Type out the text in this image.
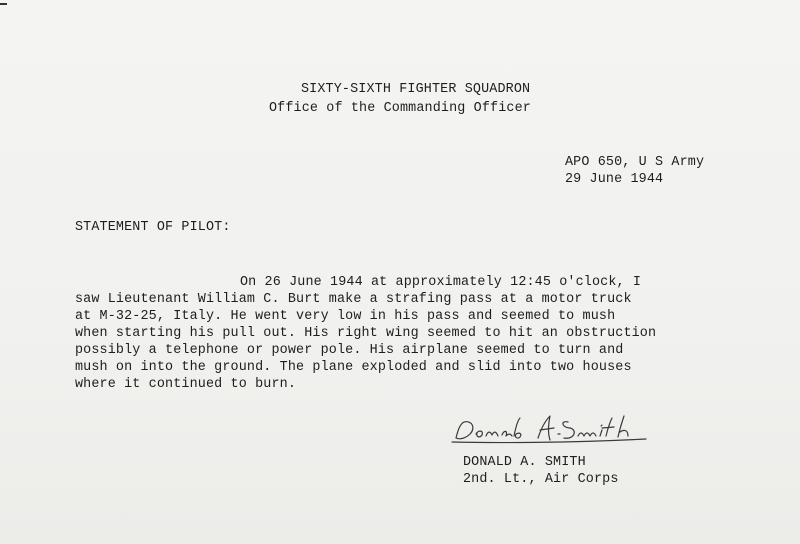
SIXTY-SIXTH FIGHTER SQUADRON
Office of the Commanding Officer
APO 650, U S Army
29 June 1944
STATEMENT OF PILOT:
On 26 June 1944 at approximately 12:45 o'clock, I
saw Lieutenant William C. Burt make a strafing pass at a motor truck
at M-32-25, Italy. He went very low in his pass and seemed to mush
when starting his pull out. His right wing seemed to hit an obstruction
possibly a telephone or power pole. His airplane seemed to turn and
mush on into the ground. The plane exploded and slid into two houses
where it continued to burn.
DONALD A. SMITH
2nd. Lt., Air Corps
